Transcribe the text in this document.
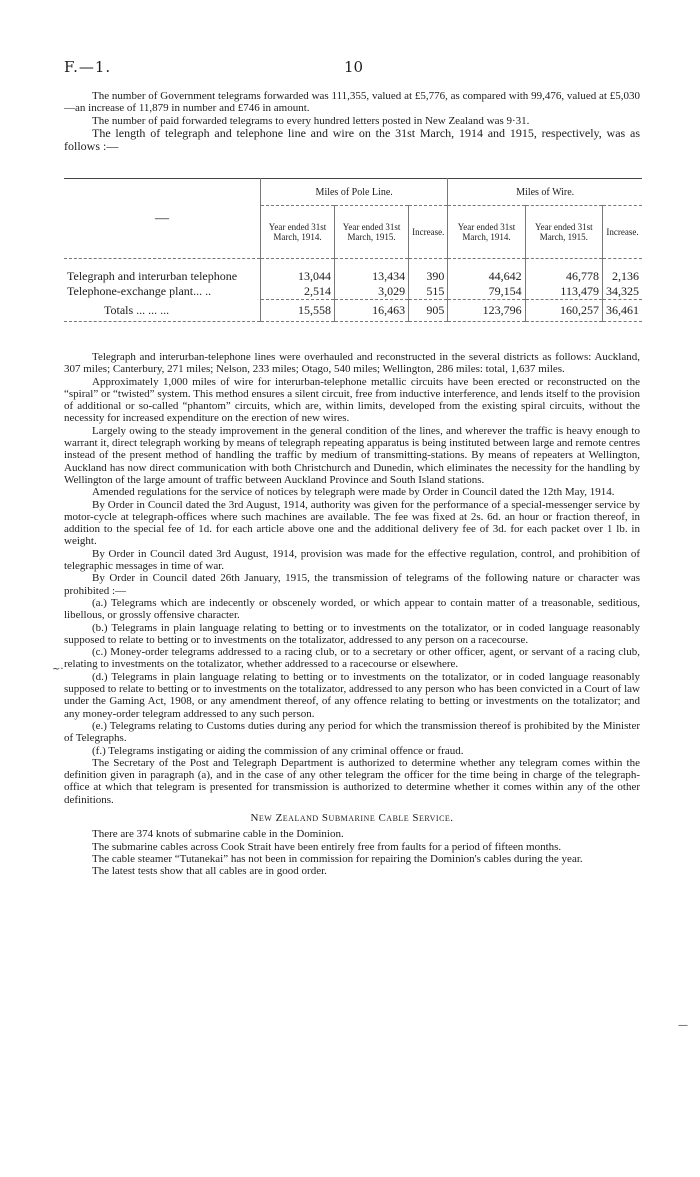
F.—1.	10

The number of Government telegrams forwarded was 111,355, valued at £5,776, as compared with 99,476, valued at £5,030—an increase of 11,879 in number and £746 in amount.

The number of paid forwarded telegrams to every hundred letters posted in New Zealand was 9·31.

The length of telegraph and telephone line and wire on the 31st March, 1914 and 1915, respectively, was as follows :—

—	Miles of Pole Line.			Miles of Wire.		
	Year ended 31st March, 1914.	Year ended 31st March, 1915.	Increase.	Year ended 31st March, 1914.	Year ended 31st March, 1915.	Increase.

Telegraph and interurban telephone	13,044	13,434	390	44,642	46,778	2,136
Telephone-exchange plant... ..	2,514	3,029	515	79,154	113,479	34,325
Totals ... ... ...	15,558	16,463	905	123,796	160,257	36,461

Telegraph and interurban-telephone lines were overhauled and reconstructed in the several districts as follows: Auckland, 307 miles; Canterbury, 271 miles; Nelson, 233 miles; Otago, 540 miles; Wellington, 286 miles: total, 1,637 miles.

Approximately 1,000 miles of wire for interurban-telephone metallic circuits have been erected or reconstructed on the “spiral” or “twisted” system. This method ensures a silent circuit, free from inductive interference, and lends itself to the provision of additional or so-called “phantom” circuits, which are, within limits, developed from the existing spiral circuits, without the necessity for increased expenditure on the erection of new wires.

Largely owing to the steady improvement in the general condition of the lines, and wherever the traffic is heavy enough to warrant it, direct telegraph working by means of telegraph repeating apparatus is being instituted between large and remote centres instead of the present method of handling the traffic by medium of transmitting-stations. By means of repeaters at Wellington, Auckland has now direct communication with both Christchurch and Dunedin, which eliminates the necessity for the handling by Wellington of the large amount of traffic between Auckland Province and South Island stations.

Amended regulations for the service of notices by telegraph were made by Order in Council dated the 12th May, 1914.

By Order in Council dated the 3rd August, 1914, authority was given for the performance of a special-messenger service by motor-cycle at telegraph-offices where such machines are available. The fee was fixed at 2s. 6d. an hour or fraction thereof, in addition to the special fee of 1d. for each article above one and the additional delivery fee of 3d. for each packet over 1 lb. in weight.

By Order in Council dated 3rd August, 1914, provision was made for the effective regulation, control, and prohibition of telegraphic messages in time of war.

By Order in Council dated 26th January, 1915, the transmission of telegrams of the following nature or character was prohibited :—

(a.) Telegrams which are indecently or obscenely worded, or which appear to contain matter of a treasonable, seditious, libellous, or grossly offensive character.

(b.) Telegrams in plain language relating to betting or to investments on the totalizator, or in coded language reasonably supposed to relate to betting or to investments on the totalizator, addressed to any person on a racecourse.

(c.) Money-order telegrams addressed to a racing club, or to a secretary or other officer, agent, or servant of a racing club, relating to investments on the totalizator, whether addressed to a racecourse or elsewhere.

(d.) Telegrams in plain language relating to betting or to investments on the totalizator, or in coded language reasonably supposed to relate to betting or to investments on the totalizator, addressed to any person who has been convicted in a Court of law under the Gaming Act, 1908, or any amendment thereof, of any offence relating to betting or investments on the totalizator; and any money-order telegram addressed to any such person.

(e.) Telegrams relating to Customs duties during any period for which the transmission thereof is prohibited by the Minister of Telegraphs.

(f.) Telegrams instigating or aiding the commission of any criminal offence or fraud.

The Secretary of the Post and Telegraph Department is authorized to determine whether any telegram comes within the definition given in paragraph (a), and in the case of any other telegram the officer for the time being in charge of the telegraph-office at which that telegram is presented for transmission is authorized to determine whether it comes within any of the other definitions.

New Zealand Submarine Cable Service.

There are 374 knots of submarine cable in the Dominion.

The submarine cables across Cook Strait have been entirely free from faults for a period of fifteen months.

The cable steamer “Tutanekai” has not been in commission for repairing the Dominion's cables during the year.

The latest tests show that all cables are in good order.

~·
—
